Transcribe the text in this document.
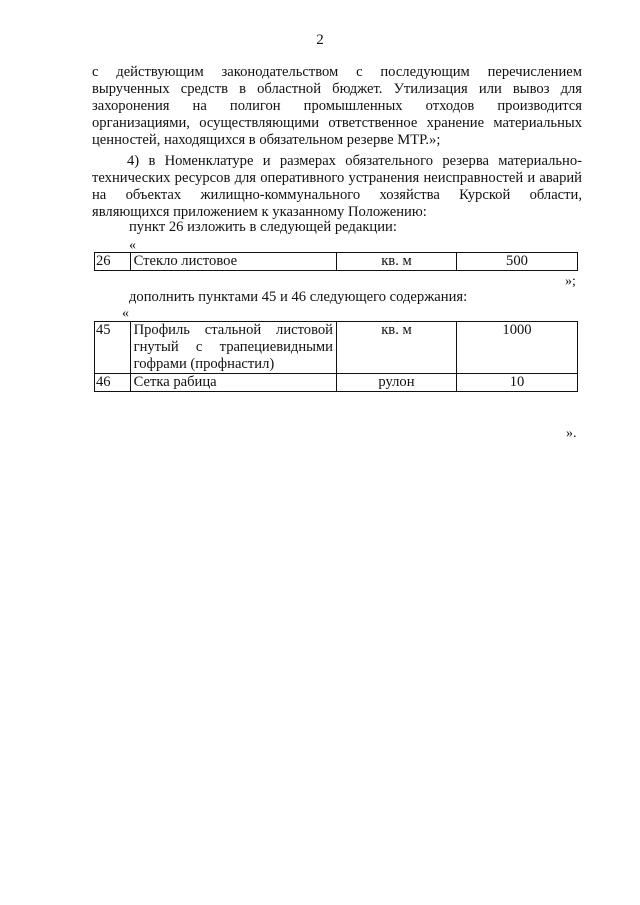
2

с действующим законодательством с последующим перечислением вырученных средств в областной бюджет. Утилизация или вывоз для захоронения на полигон промышленных отходов производится организациями, осуществляющими ответственное хранение материальных ценностей, находящихся в обязательном резерве МТР.»;

4) в Номенклатуре и размерах обязательного резерва материально-технических ресурсов для оперативного устранения неисправностей и аварий на объектах жилищно-коммунального хозяйства Курской области, являющихся приложением к указанному Положению:

пункт 26 изложить в следующей редакции:
«
26	Стекло листовое	кв. м	500
»;
дополнить пунктами 45 и 46 следующего содержания:
«
45	Профиль стальной листовой гнутый с трапециевидными гофрами (профнастил)	кв. м	1000
46	Сетка рабица	рулон	10
».
